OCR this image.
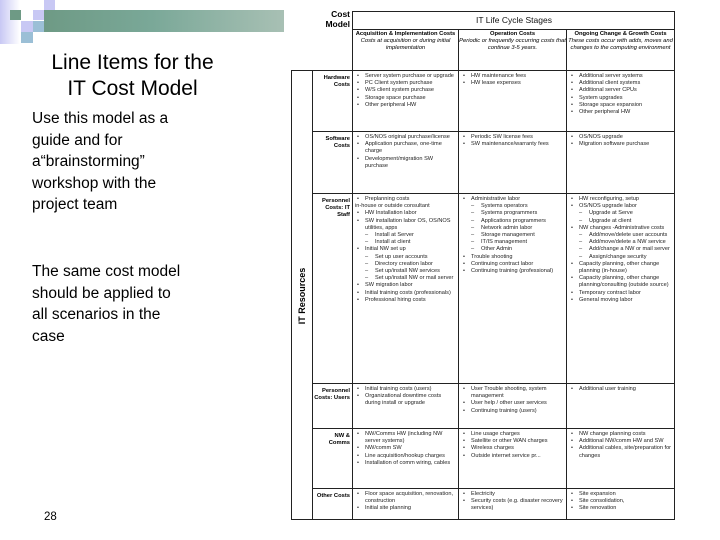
Line Items for the
IT Cost Model
Use this model as a guide and for a“brainstorming” workshop with the project team
The same cost model should be applied to all scenarios in the case
28
Cost Model	IT Life Cycle Stages
Acquisition & Implementation Costs
Costs at acquisition or during initial implementation
Operation Costs
Periodic or frequently occurring costs that continue 3-5 years.
Ongoing Change & Growth Costs
These costs occur with adds, moves and changes to the computing environment
IT Resources
Hardware Costs
Software Costs
Personnel Costs: IT Staff
Personnel Costs: Users
NW & Comms
Other Costs
• Server system purchase or upgrade
• PC Client system purchase
• W/S client system purchase
• Storage space purchase
• Other peripheral HW
• HW maintenance fees
• HW lease expenses
• Additional server systems
• Additional client systems
• Additional server CPUs
• System upgrades
• Storage space expansion
• Other peripheral HW
• OS/NOS original purchase/license
• Application purchase, one-time charge
• Development/migration SW purchase
• Periodic SW license fees
• SW maintenance/warranty fees
• OS/NOS upgrade
• Migration software purchase
• Preplanning costs
in-house or outside consultant
• HW Installation labor
• SW installation labor OS, OS/NOS utilities, apps
– Install at Server
– Install at client
• Initial NW set up
– Set up user accounts
– Directory creation labor
– Set up/install NW services
– Set up/install NW or mail server
• SW migration labor
• Initial training costs (professionals)
• Professional hiring costs
• Administrative labor
– Systems operators
– Systems programmers
– Applications programmers
– Network admin labor
– Storage management
– IT/IS management
– Other Admin
• Trouble shooting
• Continuing contract labor
• Continuing training (professional)
• HW reconfiguring, setup
• OS/NOS upgrade labor
– Upgrade at Serve
– Upgrade at client
• NW changes -Administrative costs
– Add/move/delete user accounts
– Add/move/delete a NW service
– Add/change a NW or mail server
– Assign/change security
• Capacity planning, other change planning (in-house)
• Capacity planning, other change planning/consulting (outside source)
• Temporary contract labor
• General moving labor
• Initial training costs (users)
• Organizational downtime costs during install or upgrade
• User Trouble shooting, system management
• User help / other user services
• Continuing training (users)
• Additional user training
• NW/Comms HW (including NW server systems)
• NW/comm SW
• Line acquisition/hookup charges
• Installation of comm wiring, cables
• Line usage charges
• Satellite or other WAN charges
• Wireless charges
• Outside internet service pr...
• NW change planning costs
• Additional NW/comm HW and SW
• Additional cables, site/preparation for changes
• Floor space acquisition, renovation, construction
• Initial site planning
• Electricity
• Security costs (e.g. disaster recovery services)
• Site expansion
• Site consolidation,
• Site renovation
